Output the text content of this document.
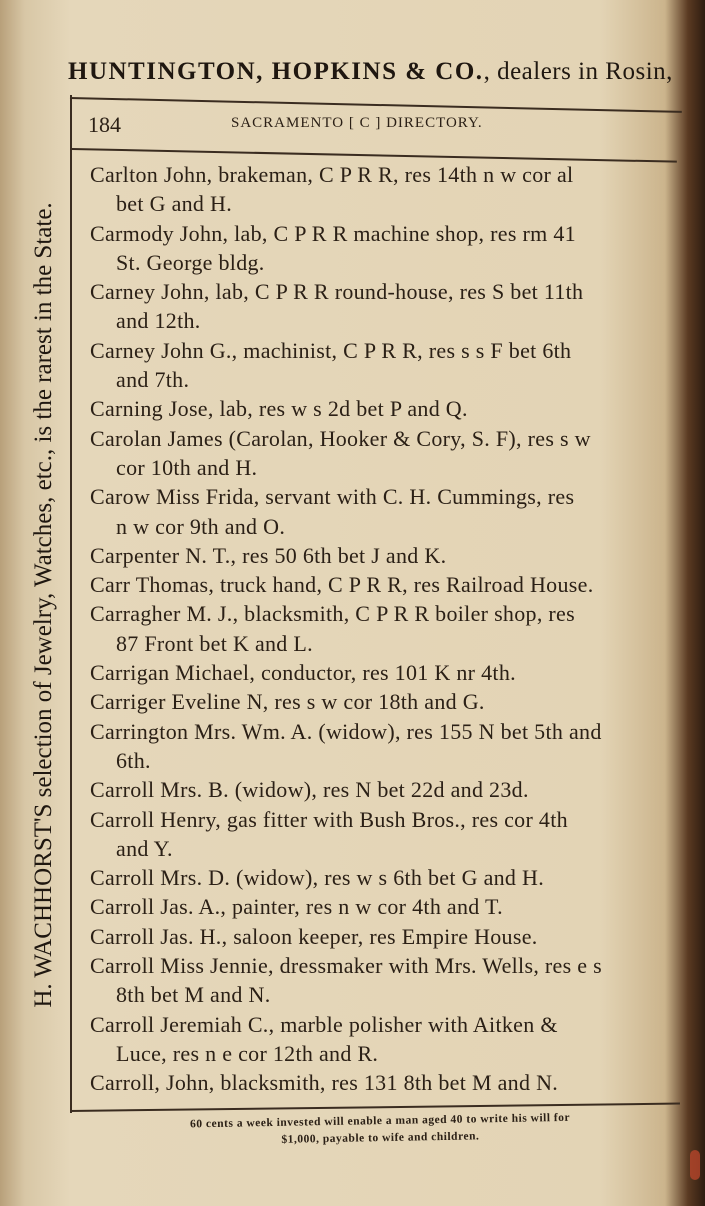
HUNTINGTON, HOPKINS & CO., dealers in Rosin,
H. WACHHORST'S selection of Jewelry, Watches, etc., is the rarest in the State.
184	SACRAMENTO [ C ] DIRECTORY.
Carlton John, brakeman, C P R R, res 14th n w cor al
bet G and H.
Carmody John, lab, C P R R machine shop, res rm 41
St. George bldg.
Carney John, lab, C P R R round-house, res S bet 11th
and 12th.
Carney John G., machinist, C P R R, res s s F bet 6th
and 7th.
Carning Jose, lab, res w s 2d bet P and Q.
Carolan James (Carolan, Hooker & Cory, S. F), res s w
cor 10th and H.
Carow Miss Frida, servant with C. H. Cummings, res
n w cor 9th and O.
Carpenter N. T., res 50 6th bet J and K.
Carr Thomas, truck hand, C P R R, res Railroad House.
Carragher M. J., blacksmith, C P R R boiler shop, res
87 Front bet K and L.
Carrigan Michael, conductor, res 101 K nr 4th.
Carriger Eveline N, res s w cor 18th and G.
Carrington Mrs. Wm. A. (widow), res 155 N bet 5th and
6th.
Carroll Mrs. B. (widow), res N bet 22d and 23d.
Carroll Henry, gas fitter with Bush Bros., res cor 4th
and Y.
Carroll Mrs. D. (widow), res w s 6th bet G and H.
Carroll Jas. A., painter, res n w cor 4th and T.
Carroll Jas. H., saloon keeper, res Empire House.
Carroll Miss Jennie, dressmaker with Mrs. Wells, res e s
8th bet M and N.
Carroll Jeremiah C., marble polisher with Aitken &
Luce, res n e cor 12th and R.
Carroll, John, blacksmith, res 131 8th bet M and N.
60 cents a week invested will enable a man aged 40 to write his will for
$1,000, payable to wife and children.
